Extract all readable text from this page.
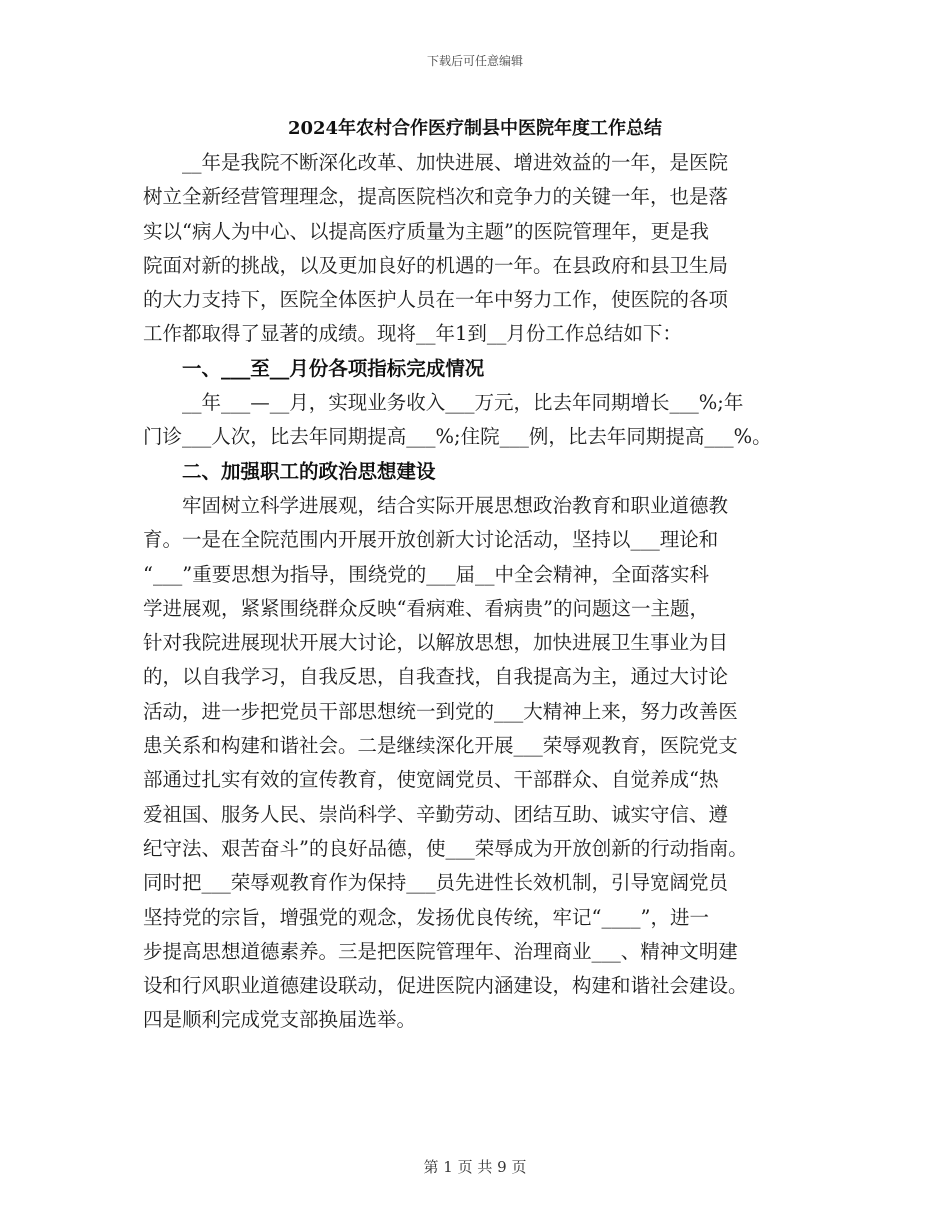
下载后可任意编辑
2024年农村合作医疗制县中医院年度工作总结

　　__年是我院不断深化改革、加快进展、增进效益的一年，是医院

树立全新经营管理理念，提高医院档次和竞争力的关键一年，也是落

实以“病人为中心、以提高医疗质量为主题”的医院管理年，更是我

院面对新的挑战，以及更加良好的机遇的一年。在县政府和县卫生局

的大力支持下，医院全体医护人员在一年中努力工作，使医院的各项

工作都取得了显著的成绩。现将__年1到__月份工作总结如下：

　　一、___至__月份各项指标完成情况

　　__年___—__月，实现业务收入___万元，比去年同期增长___%;年

门诊___人次，比去年同期提高___%;住院___例，比去年同期提高___%。

　　二、加强职工的政治思想建设

　　牢固树立科学进展观，结合实际开展思想政治教育和职业道德教

育。一是在全院范围内开展开放创新大讨论活动，坚持以___理论和

“___”重要思想为指导，围绕党的___届__中全会精神，全面落实科

学进展观，紧紧围绕群众反映“看病难、看病贵”的问题这一主题，

针对我院进展现状开展大讨论，以解放思想，加快进展卫生事业为目

的，以自我学习，自我反思，自我查找，自我提高为主，通过大讨论

活动，进一步把党员干部思想统一到党的___大精神上来，努力改善医

患关系和构建和谐社会。二是继续深化开展___荣辱观教育，医院党支

部通过扎实有效的宣传教育，使宽阔党员、干部群众、自觉养成“热

爱祖国、服务人民、崇尚科学、辛勤劳动、团结互助、诚实守信、遵

纪守法、艰苦奋斗”的良好品德，使___荣辱成为开放创新的行动指南。

同时把___荣辱观教育作为保持___员先进性长效机制，引导宽阔党员

坚持党的宗旨，增强党的观念，发扬优良传统，牢记“____”，进一

步提高思想道德素养。三是把医院管理年、治理商业___、精神文明建

设和行风职业道德建设联动，促进医院内涵建设，构建和谐社会建设。

四是顺利完成党支部换届选举。

第 1 页 共 9 页
